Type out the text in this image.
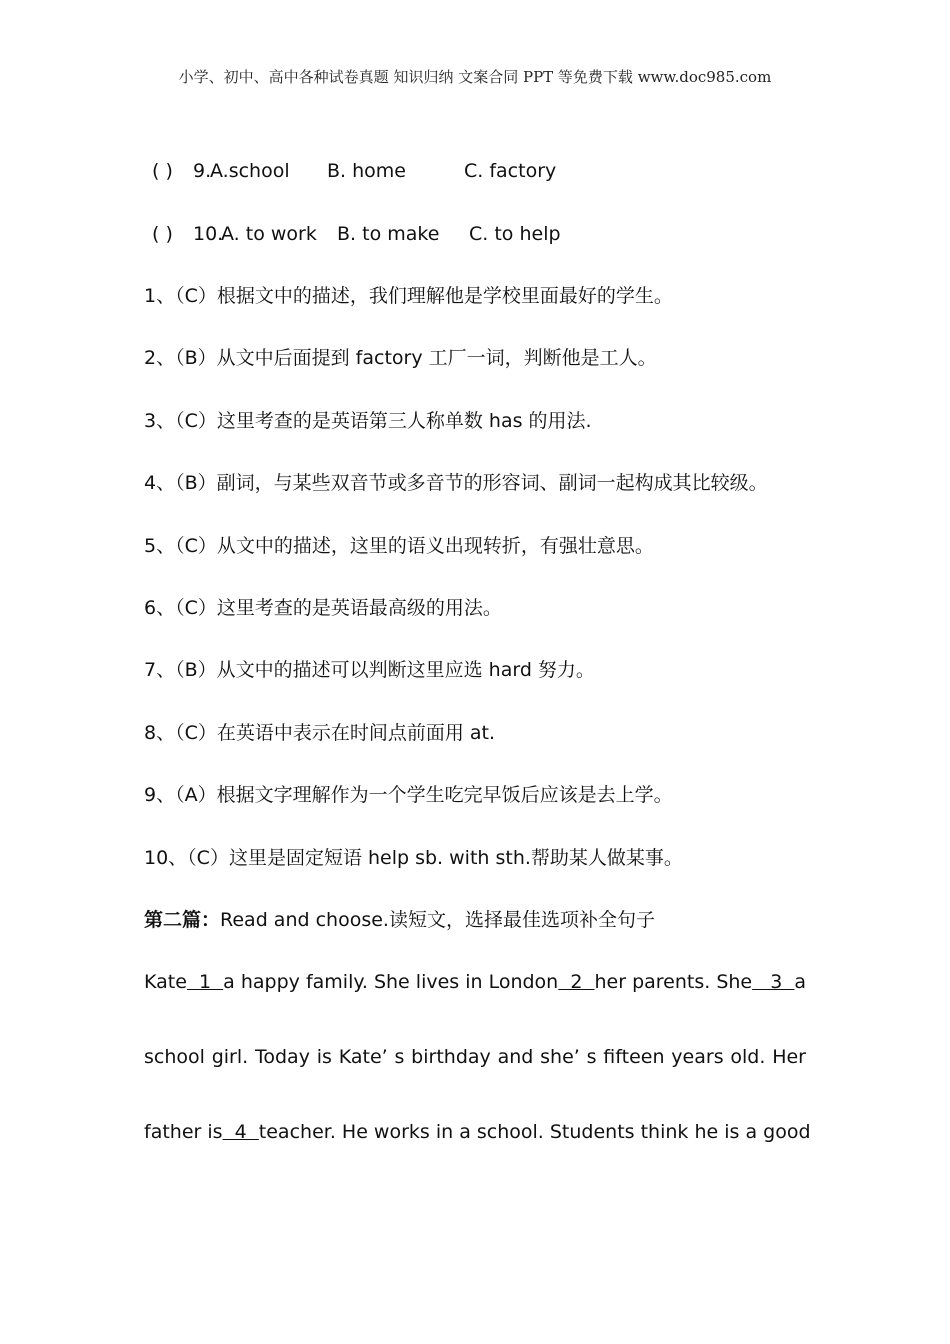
小学、初中、高中各种试卷真题 知识归纳 文案合同 PPT 等免费下载 www.doc985.com
( ) 9.
A.school B. home	C. factory
( ) 10.
A. to work B. to make C. to help
1、（C）根据文中的描述，我们理解他是学校里面最好的学生。
2、（B）从文中后面提到 factory 工厂一词，判断他是工人。
3、（C）这里考查的是英语第三人称单数 has 的用法.
4、（B）副词，与某些双音节或多音节的形容词、副词一起构成其比较级。
5、（C）从文中的描述，这里的语义出现转折，有强壮意思。
6、（C）这里考查的是英语最高级的用法。
7、（B）从文中的描述可以判断这里应选 hard 努力。
8、（C）在英语中表示在时间点前面用 at.
9、（A）根据文字理解作为一个学生吃完早饭后应该是去上学。
10、（C）这里是固定短语 help sb. with sth.帮助某人做某事。
第二篇：Read and choose.读短文，选择最佳选项补全句子
Kate  1 a happy family. She lives in London 2 her parents. She 3  a
school girl. Today is Kate’ s birthday and she’ s fifteen years old. Her
father is  4  teacher. He works in a school. Students think he is a good
